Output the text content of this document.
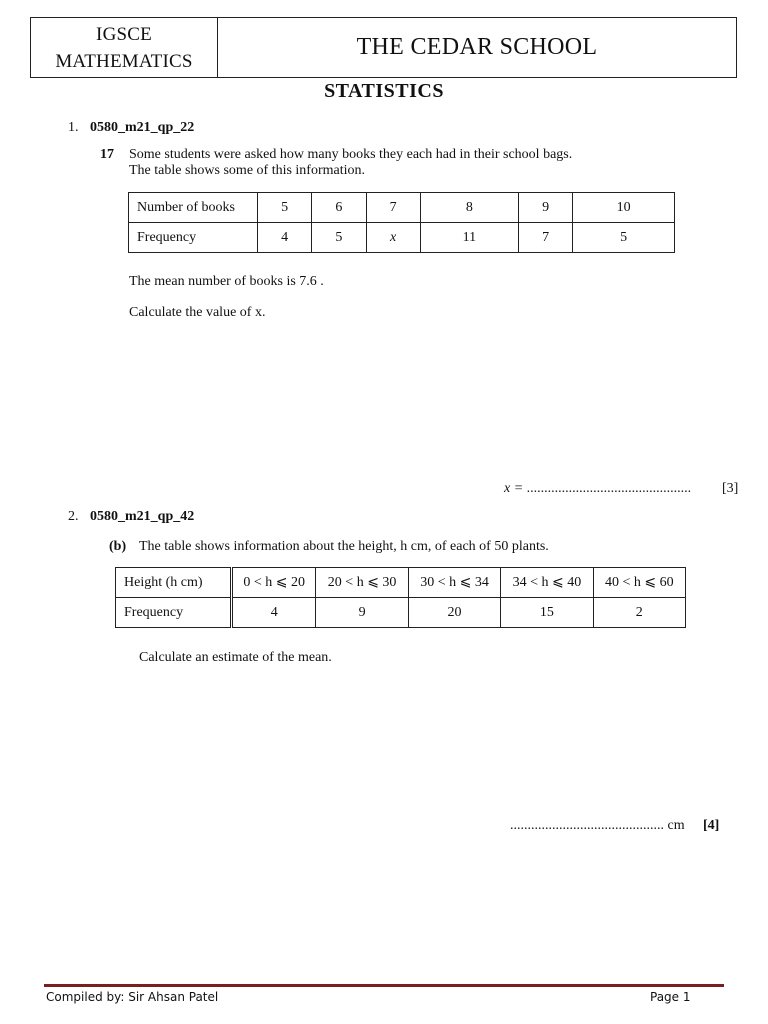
IGSCE
MATHEMATICS
THE CEDAR SCHOOL
STATISTICS
1. 0580_m21_qp_22
17 Some students were asked how many books they each had in their school bags.
The table shows some of this information.
Number of books	5	6	7	8	9	10
Frequency	4	5	x	11	7	5
The mean number of books is 7.6 .
Calculate the value of x.
x = ............................................... [3]
2. 0580_m21_qp_42
(b) The table shows information about the height, h cm, of each of 50 plants.
Height (h cm)	0 < h ⩽ 20	20 < h ⩽ 30	30 < h ⩽ 34	34 < h ⩽ 40	40 < h ⩽ 60
Frequency	4	9	20	15	2
Calculate an estimate of the mean.
............................................ cm [4]
Compiled by: Sir Ahsan Patel	Page 1
